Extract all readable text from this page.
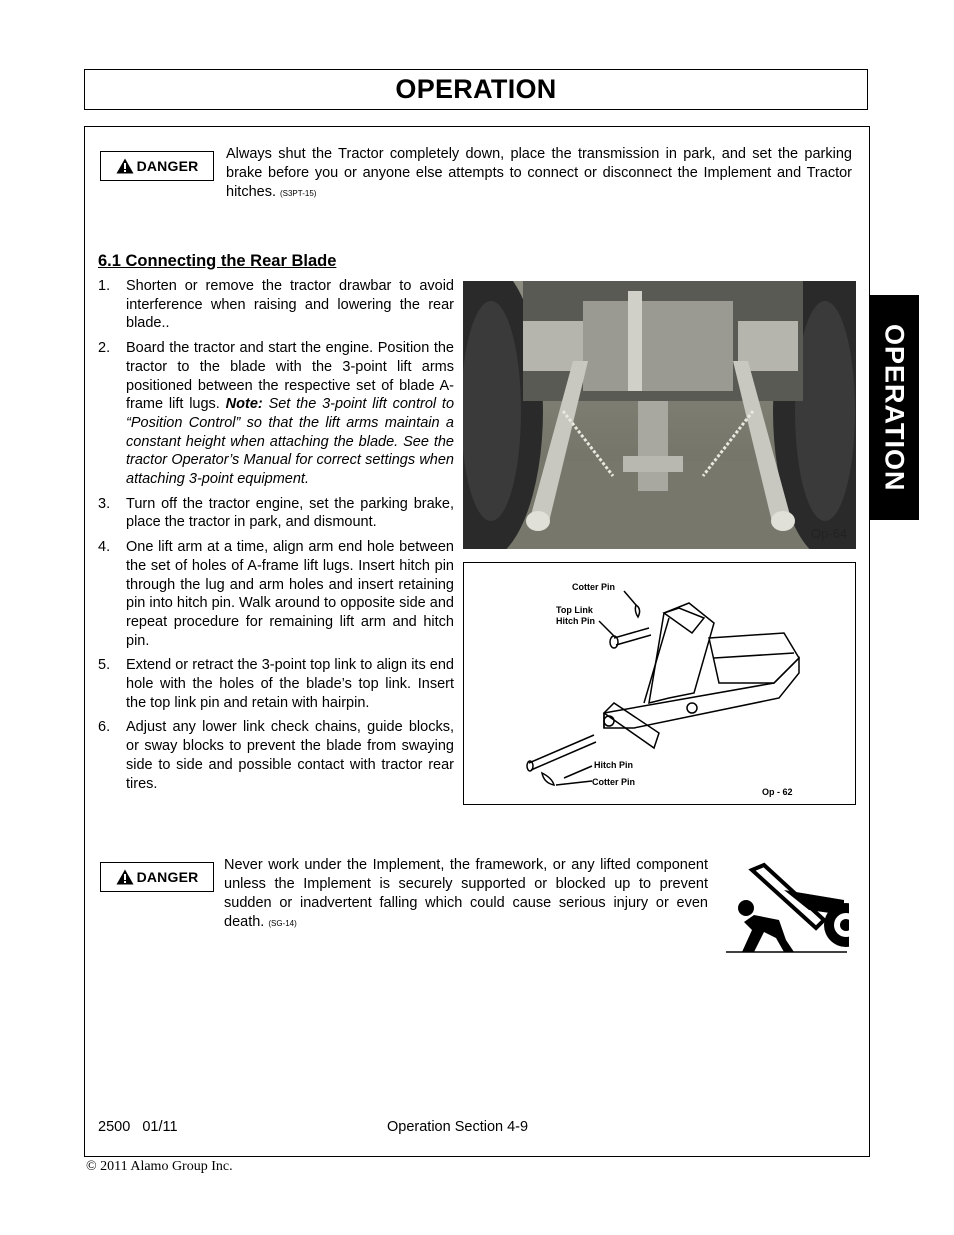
OPERATION
OPERATION
DANGER
Always shut the Tractor completely down, place the transmission in park, and set the parking brake before you or anyone else attempts to connect or disconnect the Implement and Tractor hitches. (S3PT-15)
6.1 Connecting the Rear Blade
1. Shorten or remove the tractor drawbar to avoid interference when raising and lowering the rear blade..
2. Board the tractor and start the engine. Position the tractor to the blade with the 3-point lift arms positioned between the respective set of blade A-frame lift lugs. Note: Set the 3-point lift control to “Position Control” so that the lift arms maintain a constant height when attaching the blade. See the tractor Operator’s Manual for correct settings when attaching 3-point equipment.
3. Turn off the tractor engine, set the parking brake, place the tractor in park, and dismount.
4. One lift arm at a time, align arm end hole between the set of holes of A-frame lift lugs. Insert hitch pin through the lug and arm holes and insert retaining pin into hitch pin. Walk around to opposite side and repeat procedure for remaining lift arm and hitch pin.
5. Extend or retract the 3-point top link to align its end hole with the holes of the blade’s top link. Insert the top link pin and retain with hairpin.
6. Adjust any lower link check chains, guide blocks, or sway blocks to prevent the blade from swaying side to side and possible contact with tractor rear tires.
Op-64
Cotter Pin
Top Link
Hitch Pin
Hitch Pin
Cotter Pin
Op - 62
DANGER
Never work under the Implement, the framework, or any lifted component unless the Implement is securely supported or blocked up to prevent sudden or inadvertent falling which could cause serious injury or even death. (SG-14)
2500   01/11	Operation Section 4-9
© 2011 Alamo Group Inc.
